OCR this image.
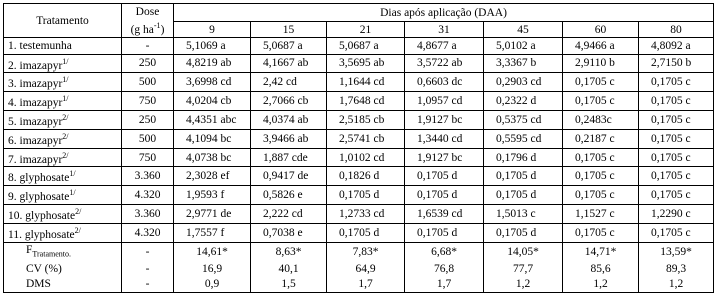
Tratamento	Dose
(g $ha^{-1}$)	Dias após aplicação (DAA)						
		9	15	21	31	45	60	80
1. testemunha	-	5,1069 a	5,0687 a	5,0687 a	4,8677 a	5,0102 a	4,9466 a	4,8092 a
2. imazapyr$^{1/}$	250	4,8219 ab	4,1667 ab	3,5695 ab	3,5722 ab	3,3367 b	2,9110 b	2,7150 b
3. imazapyr$^{1/}$	500	3,6998 cd	2,42 cd	1,1644 cd	0,6603 dc	0,2903 cd	0,1705 c	0,1705 c
4. imazapyr$^{1/}$	750	4,0204 cb	2,7066 cb	1,7648 cd	1,0957 cd	0,2322 d	0,1705 c	0,1705 c
5. imazapyr$^{2/}$	250	4,4351 abc	4,0374 ab	2,5185 cb	1,9127 bc	0,5375 cd	0,2483c	0,1705 c
6. imazapyr$^{2/}$	500	4,1094 bc	3,9466 ab	2,5741 cb	1,3440 cd	0,5595 cd	0,2187 c	0,1705 c
7. imazapyr$^{2/}$	750	4,0738 bc	1,887 cde	1,0102 cd	1,9127 bc	0,1796 d	0,1705 c	0,1705 c
8. glyphosate$^{1/}$	3.360	2,3028 ef	0,9417 de	0,1826 d	0,1705 d	0,1705 d	0,1705 c	0,1705 c
9. glyphosate$^{1/}$	4.320	1,9593 f	0,5826 e	0,1705 d	0,1705 d	0,1705 d	0,1705 c	0,1705 c
10. glyphosate$^{2/}$	3.360	2,9771 de	2,222 cd	1,2733 cd	1,6539 cd	1,5013 c	1,1527 c	1,2290 c
11. glyphosate$^{2/}$	4.320	1,7557 f	0,7038 e	0,1705 d	0,1705 d	0,1705 d	0,1705 c	0,1705 c
$F_{Tratamento.}$	-	14,61*	8,63*	7,83*	6,68*	14,05*	14,71*	13,59*
CV (%)	-	16,9	40,1	64,9	76,8	77,7	85,6	89,3
DMS	-	0,9	1,5	1,7	1,7	1,2	1,2	1,2
